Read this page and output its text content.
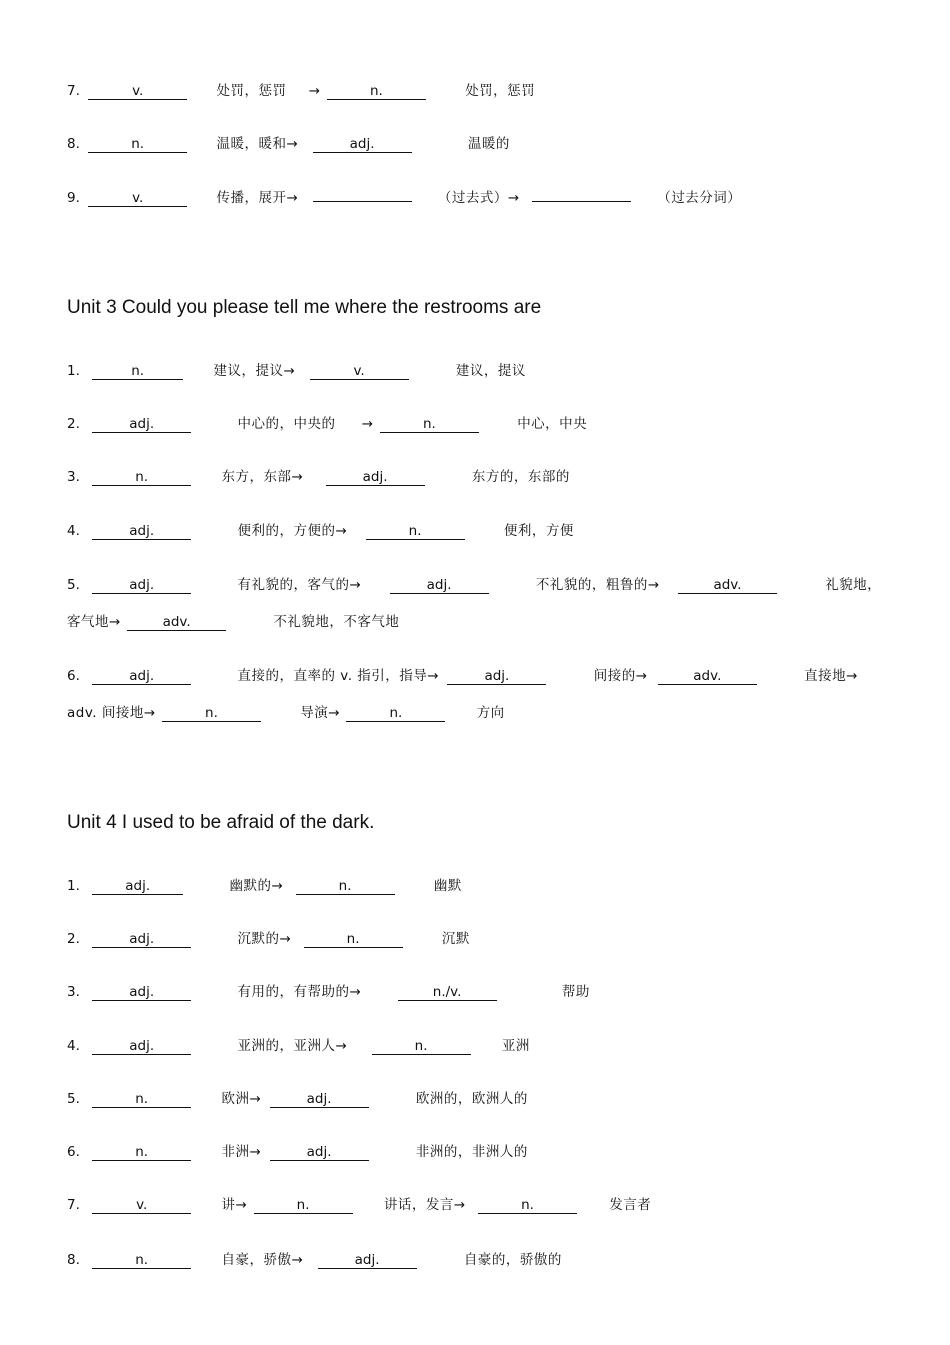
7.	v.	处罚，惩罚 →	n.	处罚，惩罚
8.	n.	温暖，暖和→	adj.	温暖的
9.	v.	传播，展开→	（过去式）→	（过去分词）
Unit 3 Could you please tell me where the restrooms are
1.	n.	建议，提议→	v.	建议，提议
2.	adj.	中心的，中央的 →	n.	中心，中央
3.	n.	东方，东部→	adj.	东方的，东部的
4.	adj.	便利的，方便的→	n.	便利，方便
5.	adj.	有礼貌的，客气的→	adj.	不礼貌的，粗鲁的→	adv.	礼貌地，
客气地→	adv.	不礼貌地，不客气地
6.	adj.	直接的，直率的 v. 指引，指导→	adj.	间接的→	adv.	直接地→
adv. 间接地→	n.	导演→	n.	方向
Unit 4 I used to be afraid of the dark.
1.	adj.	幽默的→	n.	幽默
2.	adj.	沉默的→	n.	沉默
3.	adj.	有用的，有帮助的→	n./v.	帮助
4.	adj.	亚洲的，亚洲人→	n.	亚洲
5.	n.	欧洲→	adj.	欧洲的，欧洲人的
6.	n.	非洲→	adj.	非洲的，非洲人的
7.	v.	讲→	n.	讲话，发言→	n.	发言者
8.	n.	自豪，骄傲→	adj.	自豪的，骄傲的
